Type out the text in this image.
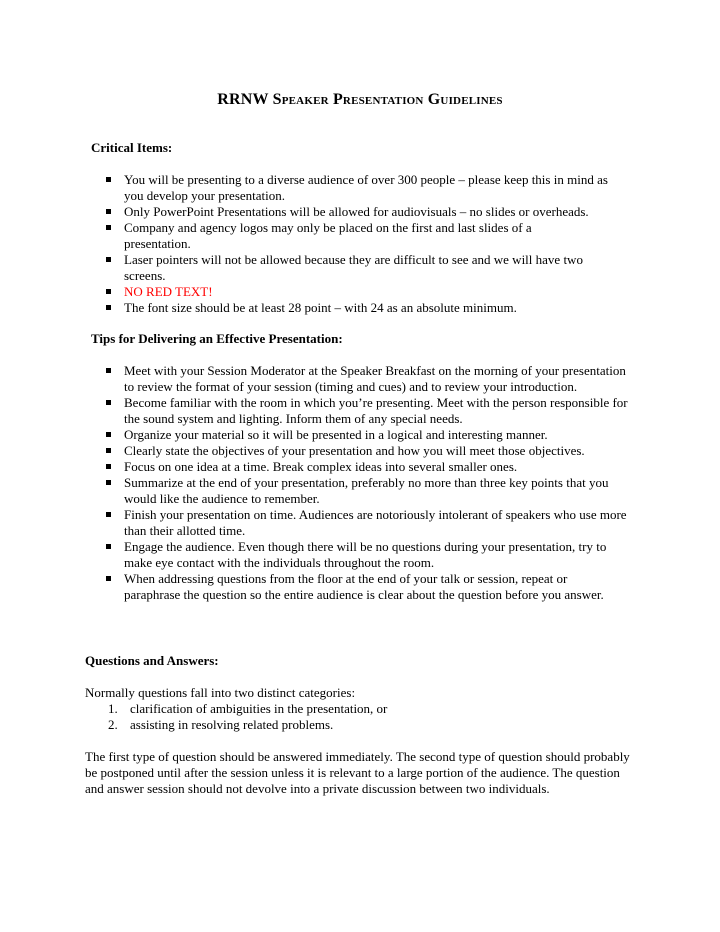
RRNW Speaker Presentation Guidelines
Critical Items:
You will be presenting to a diverse audience of over 300 people – please keep this in mind as you develop your presentation.
Only PowerPoint Presentations will be allowed for audiovisuals – no slides or overheads.
Company and agency logos may only be placed on the first and last slides of a presentation.
Laser pointers will not be allowed because they are difficult to see and we will have two screens.
NO RED TEXT!
The font size should be at least 28 point – with 24 as an absolute minimum.
Tips for Delivering an Effective Presentation:
Meet with your Session Moderator at the Speaker Breakfast on the morning of your presentation to review the format of your session (timing and cues) and to review your introduction.
Become familiar with the room in which you’re presenting. Meet with the person responsible for the sound system and lighting. Inform them of any special needs.
Organize your material so it will be presented in a logical and interesting manner.
Clearly state the objectives of your presentation and how you will meet those objectives.
Focus on one idea at a time. Break complex ideas into several smaller ones.
Summarize at the end of your presentation, preferably no more than three key points that you would like the audience to remember.
Finish your presentation on time. Audiences are notoriously intolerant of speakers who use more than their allotted time.
Engage the audience. Even though there will be no questions during your presentation, try to make eye contact with the individuals throughout the room.
When addressing questions from the floor at the end of your talk or session, repeat or paraphrase the question so the entire audience is clear about the question before you answer.
Questions and Answers:

Normally questions fall into two distinct categories:

1. clarification of ambiguities in the presentation, or
2. assisting in resolving related problems.

The first type of question should be answered immediately. The second type of question should probably be postponed until after the session unless it is relevant to a large portion of the audience. The question and answer session should not devolve into a private discussion between two individuals.
